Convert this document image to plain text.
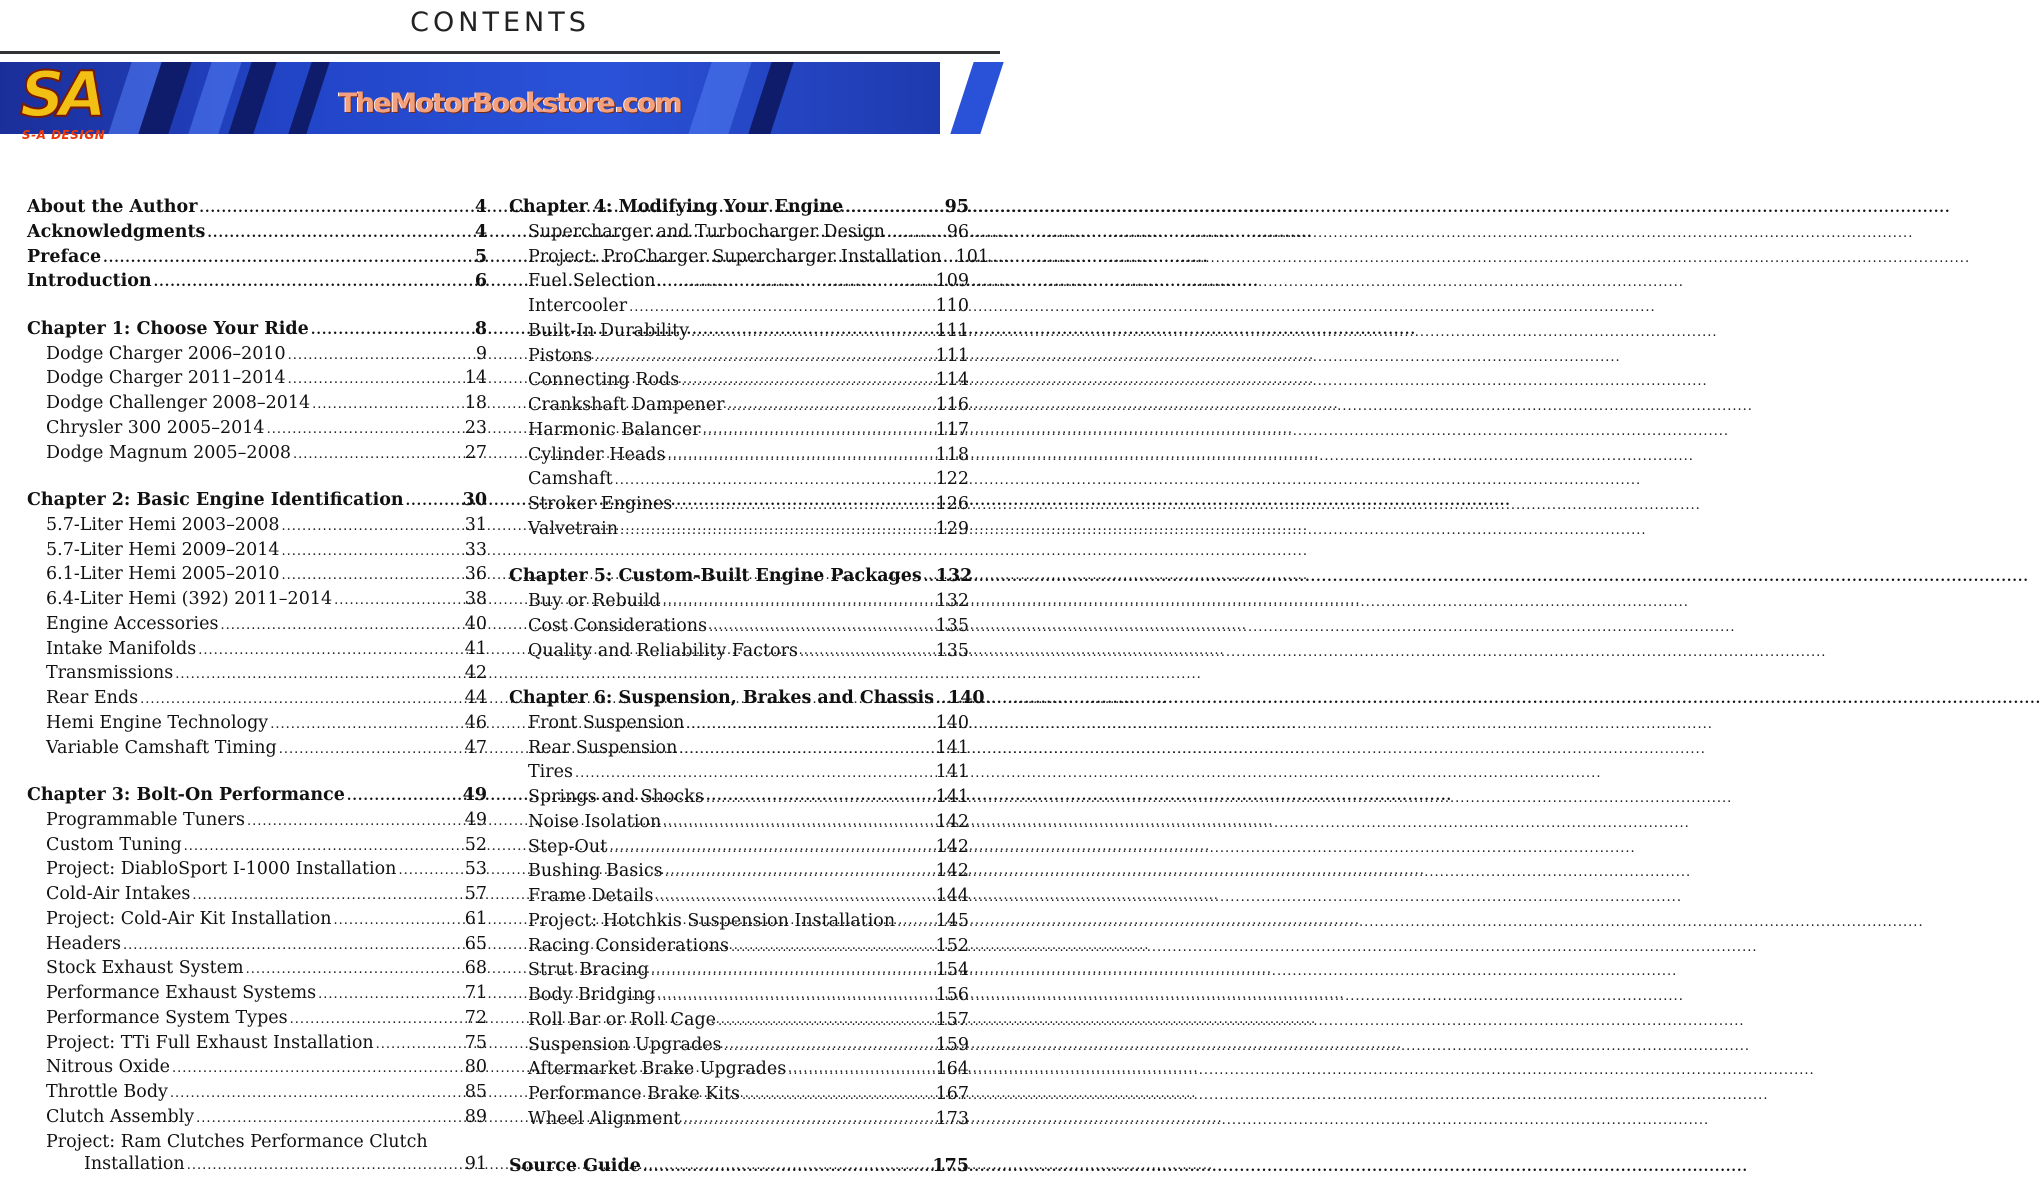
CONTENTS
SA
S-A DESIGN
TheMotorBookstore.com
About the Author .....	4
Acknowledgments .....	4
Preface .....	5
Introduction .....	6
Chapter 1: Choose Your Ride .....	8
Dodge Charger 2006–2010 .....	9
Dodge Charger 2011–2014 .....	14
Dodge Challenger 2008–2014 .....	18
Chrysler 300 2005–2014 .....	23
Dodge Magnum 2005–2008 .....	27
Chapter 2: Basic Engine Identification .....	30
5.7-Liter Hemi 2003–2008 .....	31
5.7-Liter Hemi 2009–2014 .....	33
6.1-Liter Hemi 2005–2010 .....	36
6.4-Liter Hemi (392) 2011–2014 .....	38
Engine Accessories .....	40
Intake Manifolds .....	41
Transmissions .....	42
Rear Ends .....	44
Hemi Engine Technology .....	46
Variable Camshaft Timing .....	47
Chapter 3: Bolt-On Performance .....	49
Programmable Tuners .....	49
Custom Tuning .....	52
Project: DiabloSport I-1000 Installation .....	53
Cold-Air Intakes .....	57
Project: Cold-Air Kit Installation .....	61
Headers .....	65
Stock Exhaust System .....	68
Performance Exhaust Systems .....	71
Performance System Types .....	72
Project: TTi Full Exhaust Installation .....	75
Nitrous Oxide .....	80
Throttle Body .....	85
Clutch Assembly .....	89
Project: Ram Clutches Performance Clutch
Installation .....	91
Chapter 4: Modifying Your Engine .....	95
Supercharger and Turbocharger Design .....	96
Project: ProCharger Supercharger Installation ..... 101
Fuel Selection .....	109
Intercooler .....	110
Built-In Durability .....	111
Pistons .....	111
Connecting Rods .....	114
Crankshaft Dampener .....	116
Harmonic Balancer .....	117
Cylinder Heads .....	118
Camshaft .....	122
Stroker Engines .....	126
Valvetrain .....	129
Chapter 5: Custom-Built Engine Packages ..... 132
Buy or Rebuild .....	132
Cost Considerations .....	135
Quality and Reliability Factors .....	135
Chapter 6: Suspension, Brakes and Chassis ..... 140
Front Suspension .....	140
Rear Suspension .....	141
Tires .....	141
Springs and Shocks .....	141
Noise Isolation .....	142
Step-Out .....	142
Bushing Basics .....	142
Frame Details .....	144
Project: Hotchkis Suspension Installation ..... 145
Racing Considerations .....	152
Strut Bracing .....	154
Body Bridging .....	156
Roll Bar or Roll Cage .....	157
Suspension Upgrades .....	159
Aftermarket Brake Upgrades .....	164
Performance Brake Kits .....	167
Wheel Alignment .....	173
Source Guide .....	175
